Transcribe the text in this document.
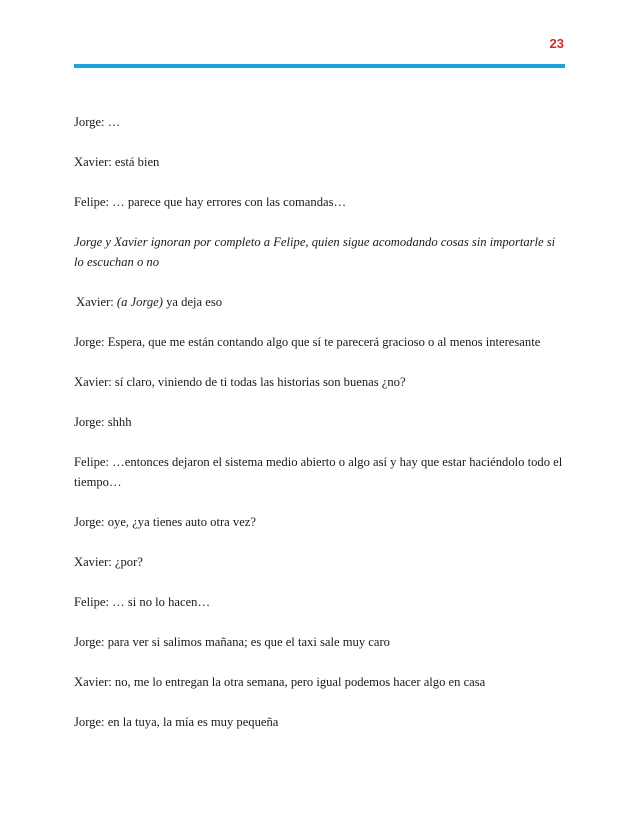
23

Jorge: …

Xavier: está bien

Felipe: … parece que hay errores con las comandas…

Jorge y Xavier ignoran por completo a Felipe, quien sigue acomodando cosas sin importarle si lo escuchan o no

Xavier: (a Jorge) ya deja eso

Jorge: Espera, que me están contando algo que sí te parecerá gracioso o al menos interesante

Xavier: sí claro, viniendo de ti todas las historias son buenas ¿no?

Jorge: shhh

Felipe: …entonces dejaron el sistema medio abierto o algo así y hay que estar haciéndolo todo el tiempo…

Jorge: oye, ¿ya tienes auto otra vez?

Xavier: ¿por?

Felipe: … si no lo hacen…

Jorge: para ver si salimos mañana; es que el taxi sale muy caro

Xavier: no, me lo entregan la otra semana, pero igual podemos hacer algo en casa

Jorge: en la tuya, la mía es muy pequeña
